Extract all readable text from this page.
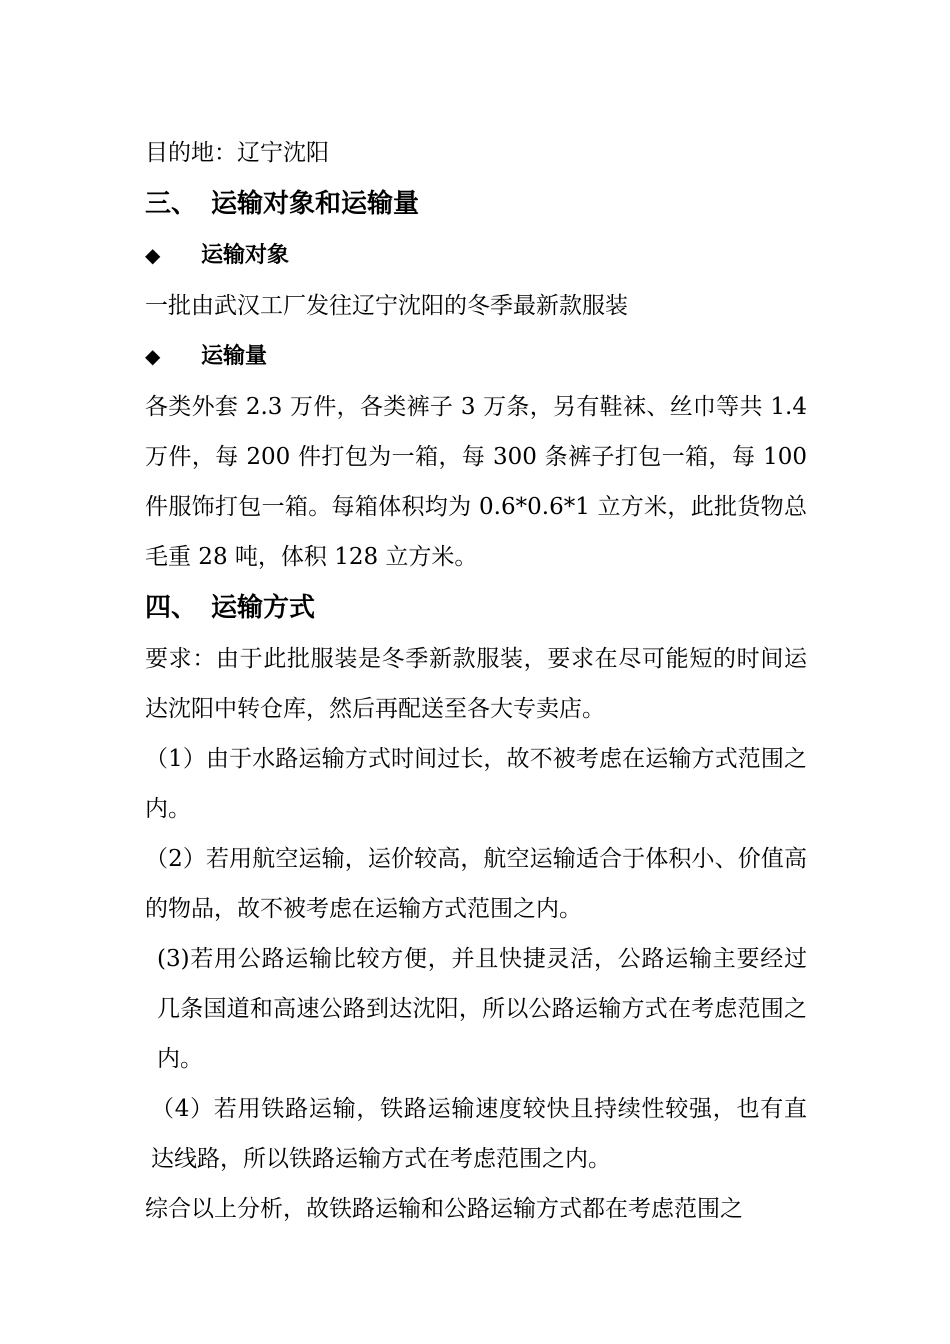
目的地：辽宁沈阳

三、 运输对象和运输量

◆ 运输对象

一批由武汉工厂发往辽宁沈阳的冬季最新款服装

◆ 运输量

各类外套 2.3 万件，各类裤子 3 万条，另有鞋袜、丝巾等共 1.4 万件，每 200 件打包为一箱，每 300 条裤子打包一箱，每 100 件服饰打包一箱。每箱体积均为 0.6*0.6*1 立方米，此批货物总毛重 28 吨，体积 128 立方米。

四、 运输方式

要求：由于此批服装是冬季新款服装，要求在尽可能短的时间运达沈阳中转仓库，然后再配送至各大专卖店。

（1）由于水路运输方式时间过长，故不被考虑在运输方式范围之内。

（2）若用航空运输，运价较高，航空运输适合于体积小、价值高的物品，故不被考虑在运输方式范围之内。

(3)若用公路运输比较方便，并且快捷灵活，公路运输主要经过几条国道和高速公路到达沈阳，所以公路运输方式在考虑范围之内。

（4）若用铁路运输，铁路运输速度较快且持续性较强，也有直达线路，所以铁路运输方式在考虑范围之内。

综合以上分析，故铁路运输和公路运输方式都在考虑范围之
